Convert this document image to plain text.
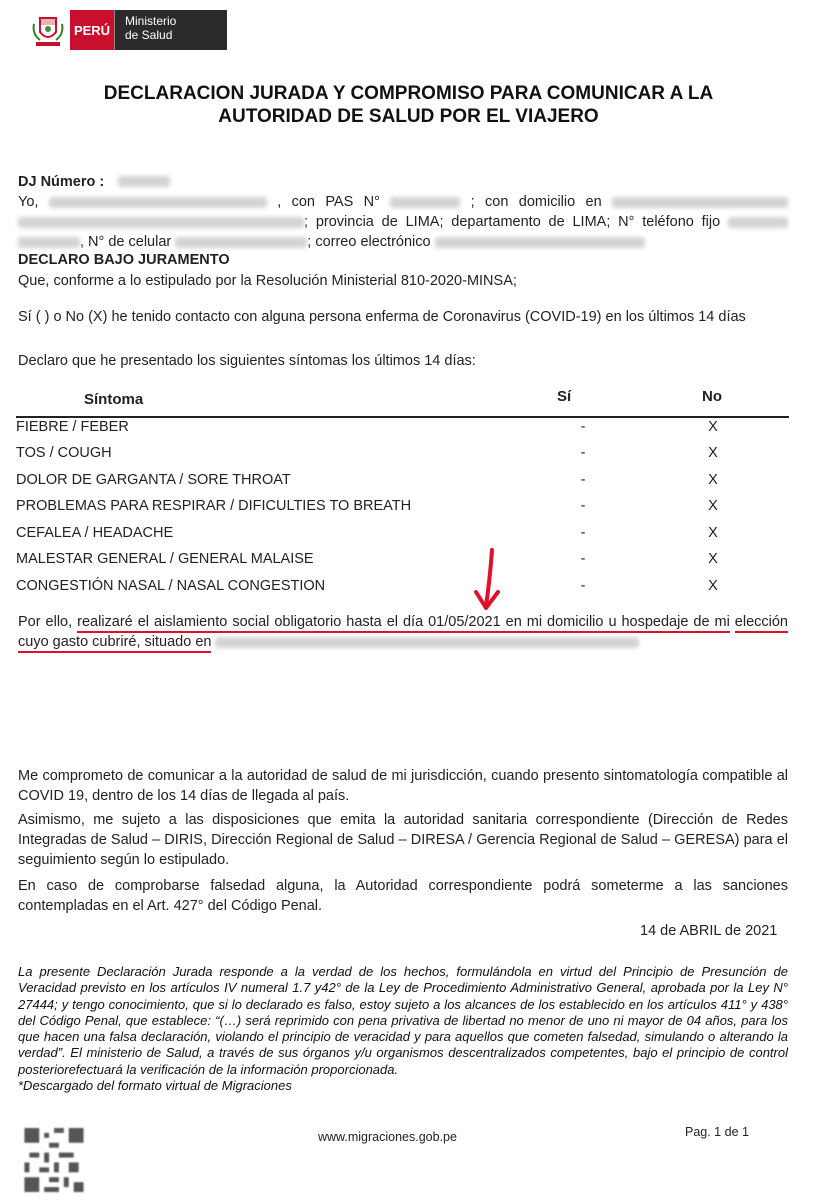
PERÚ
Ministerio
de Salud
DECLARACION JURADA Y COMPROMISO PARA COMUNICAR A LA
AUTORIDAD DE SALUD POR EL VIAJERO
DJ Número :
Yo,	, con PAS N°	; con domicilio en  ; provincia de LIMA; departamento de LIMA; N° teléfono fijo  , N° de celular	; correo electrónico
DECLARO BAJO JURAMENTO
Que, conforme a lo estipulado por la Resolución Ministerial 810-2020-MINSA;
Sí ( ) o No (X) he tenido contacto con alguna persona enferma de Coronavirus (COVID-19) en los últimos 14 días
Declaro que he presentado los siguientes síntomas los últimos 14 días:
Síntoma	Sí	No
FIEBRE / FEBER	-	X
TOS / COUGH	-	X
DOLOR DE GARGANTA / SORE THROAT	-	X
PROBLEMAS PARA RESPIRAR / DIFICULTIES TO BREATH	-	X
CEFALEA / HEADACHE	-	X
MALESTAR GENERAL / GENERAL MALAISE	-	X
CONGESTIÓN NASAL / NASAL CONGESTION	-	X
Por ello, realizaré el aislamiento social obligatorio hasta el día 01/05/2021 en mi domicilio u hospedaje de mi elección cuyo gasto cubriré, situado en
Me comprometo de comunicar a la autoridad de salud de mi jurisdicción, cuando presento sintomatología compatible al COVID 19, dentro de los 14 días de llegada al país.
Asimismo, me sujeto a las disposiciones que emita la autoridad sanitaria correspondiente (Dirección de Redes Integradas de Salud – DIRIS, Dirección Regional de Salud – DIRESA / Gerencia Regional de Salud – GERESA) para el seguimiento según lo estipulado.
En caso de comprobarse falsedad alguna, la Autoridad correspondiente podrá someterme a las sanciones contempladas en el Art. 427° del Código Penal.
14 de ABRIL de 2021
La presente Declaración Jurada responde a la verdad de los hechos, formulándola en virtud del Principio de Presunción de Veracidad previsto en los artículos IV numeral 1.7 y42° de la Ley de Procedimiento Administrativo General, aprobada por la Ley N° 27444; y tengo conocimiento, que si lo declarado es falso, estoy sujeto a los alcances de los establecido en los artículos 411° y 438° del Código Penal, que establece: “(…) será reprimido con pena privativa de libertad no menor de uno ni mayor de 04 años, para los que hacen una falsa declaración, violando el principio de veracidad y para aquellos que cometen falsedad, simulando o alterando la verdad”. El ministerio de Salud, a través de sus órganos y/u organismos descentralizados competentes, bajo el principio de control posteriorefectuará la verificación de la información proporcionada.
*Descargado del formato virtual de Migraciones
www.migraciones.gob.pe	Pag. 1 de 1
